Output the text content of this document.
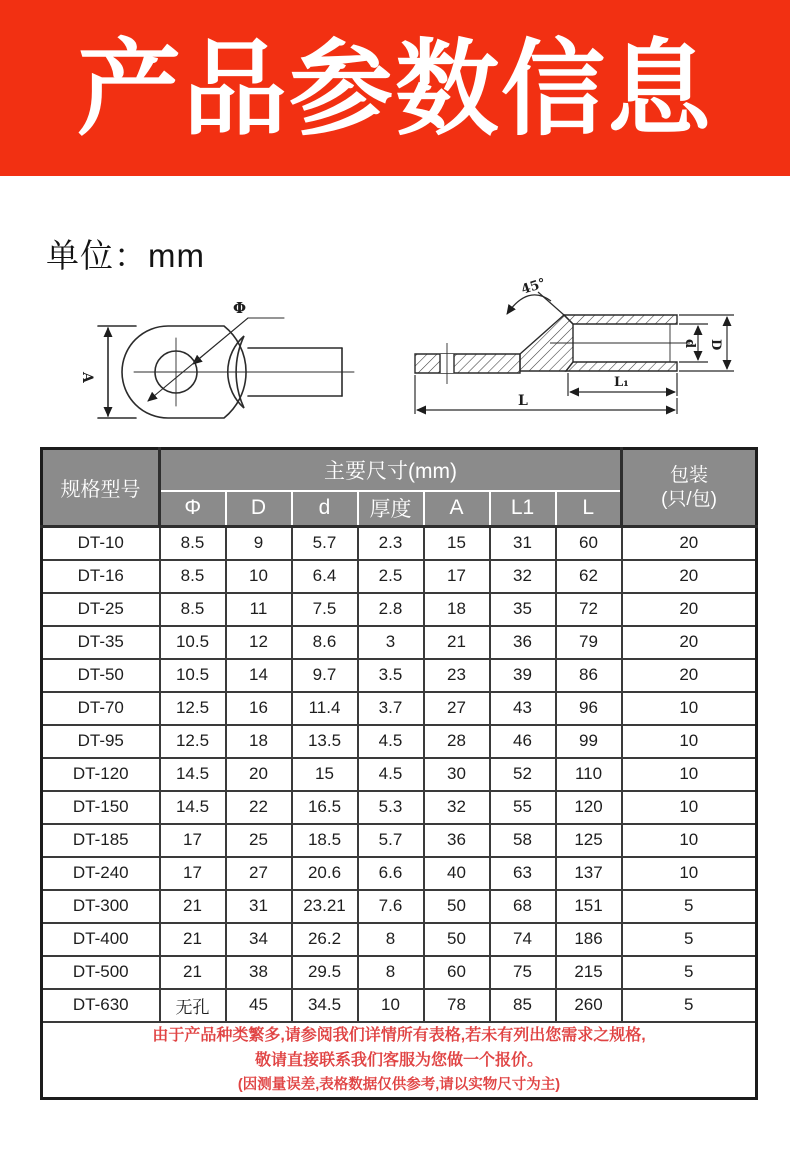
产品参数信息
单位：mm
Φ
A
45°
d D
L₁
L
规格型号	主要尺寸(mm)							包装
(只/包)

	Φ	D	d	厚度	A	L1	L	
DT-10	8.5	9	5.7	2.3	15	31	60	20
DT-16	8.5	10	6.4	2.5	17	32	62	20
DT-25	8.5	11	7.5	2.8	18	35	72	20
DT-35	10.5	12	8.6	3	21	36	79	20
DT-50	10.5	14	9.7	3.5	23	39	86	20
DT-70	12.5	16	11.4	3.7	27	43	96	10
DT-95	12.5	18	13.5	4.5	28	46	99	10
DT-120	14.5	20	15	4.5	30	52	110	10
DT-150	14.5	22	16.5	5.3	32	55	120	10
DT-185	17	25	18.5	5.7	36	58	125	10
DT-240	17	27	20.6	6.6	40	63	137	10
DT-300	21	31	23.21	7.6	50	68	151	5
DT-400	21	34	26.2	8	50	74	186	5
DT-500	21	38	29.5	8	60	75	215	5
DT-630	无孔	45	34.5	10	78	85	260	5

由于产品种类繁多,请参阅我们详情所有表格,若未有列出您需求之规格,
敬请直接联系我们客服为您做一个报价。
(因测量误差,表格数据仅供参考,请以实物尺寸为主)								
